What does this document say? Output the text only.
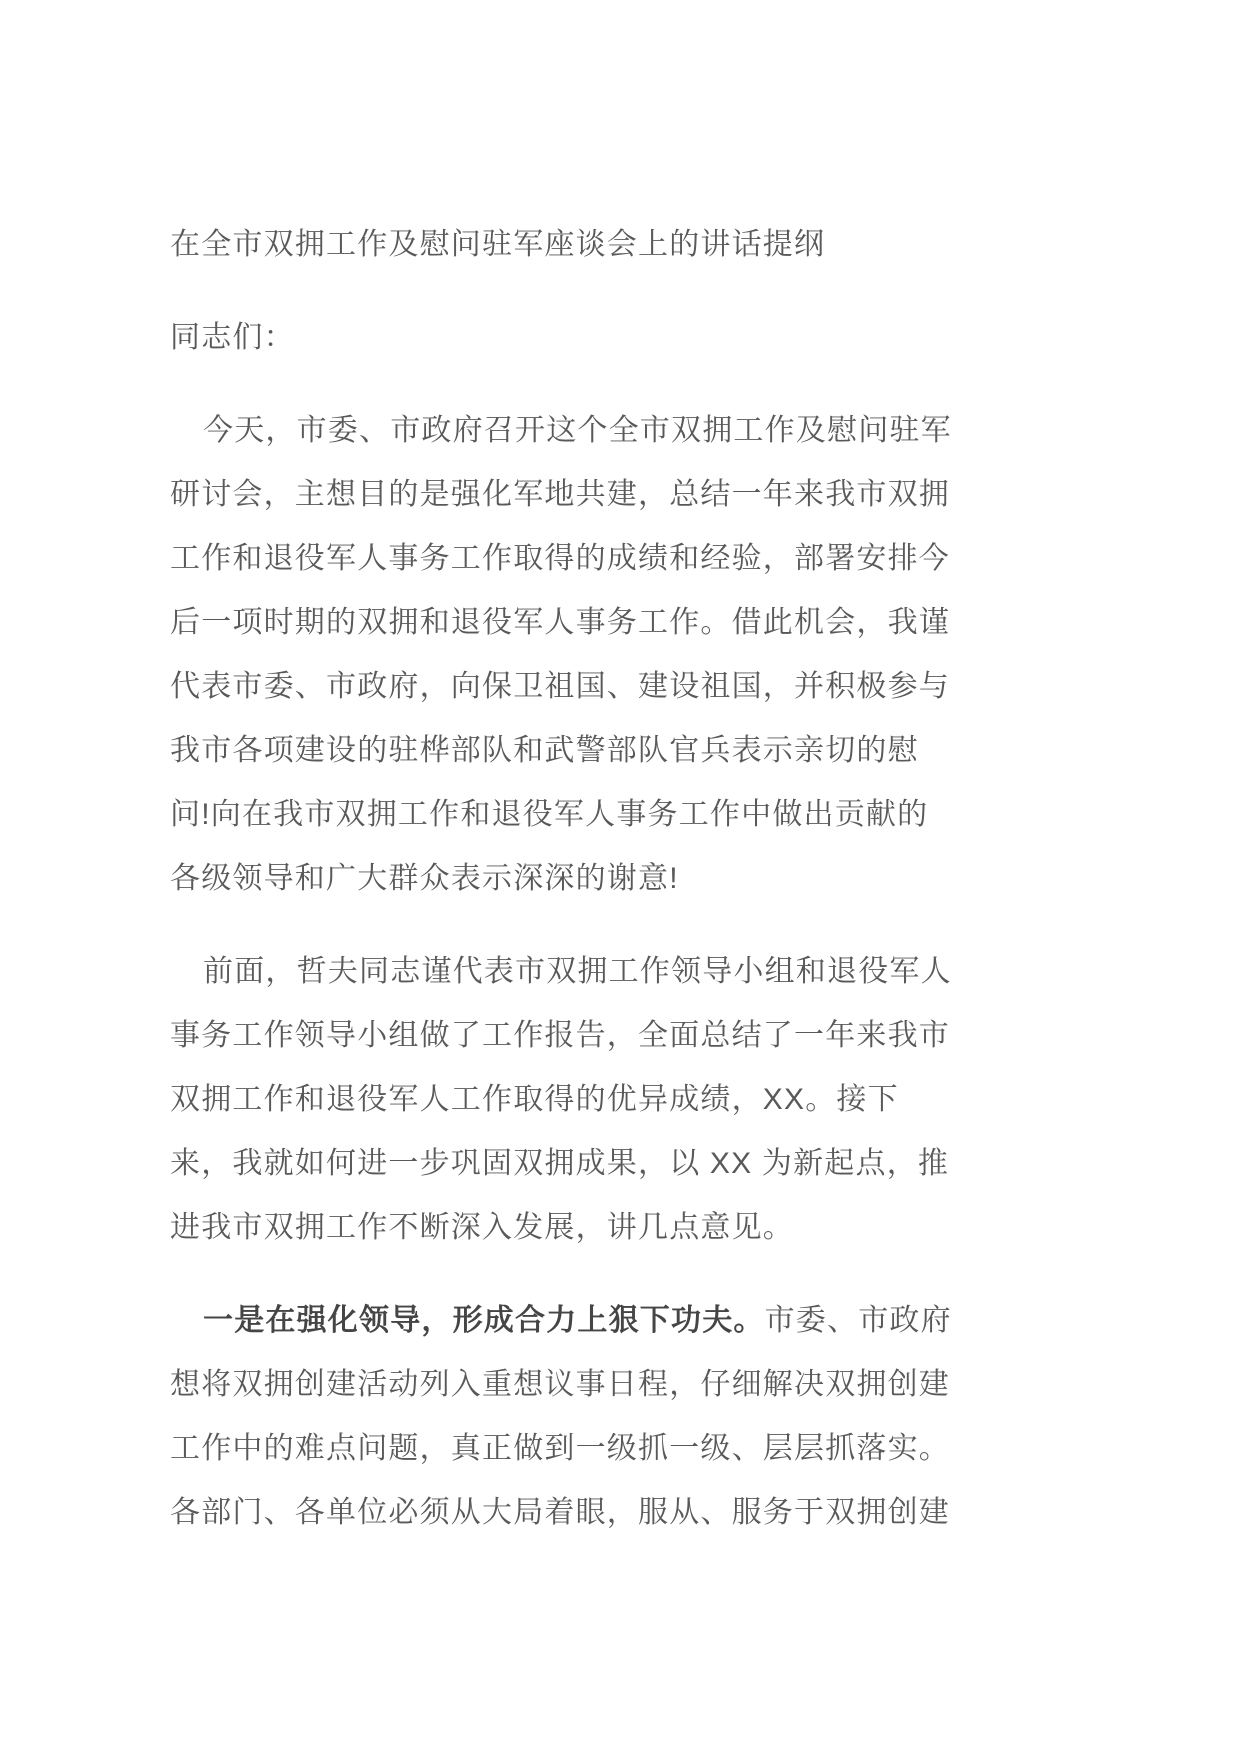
在全市双拥工作及慰问驻军座谈会上的讲话提纲

同志们：

今天，市委、市政府召开这个全市双拥工作及慰问驻军研讨会，主想目的是强化军地共建，总结一年来我市双拥工作和退役军人事务工作取得的成绩和经验，部署安排今后一项时期的双拥和退役军人事务工作。借此机会，我谨代表市委、市政府，向保卫祖国、建设祖国，并积极参与我市各项建设的驻桦部队和武警部队官兵表示亲切的慰问!向在我市双拥工作和退役军人事务工作中做出贡献的各级领导和广大群众表示深深的谢意!

前面，哲夫同志谨代表市双拥工作领导小组和退役军人事务工作领导小组做了工作报告，全面总结了一年来我市双拥工作和退役军人工作取得的优异成绩，XX。接下来，我就如何进一步巩固双拥成果，以 XX 为新起点，推进我市双拥工作不断深入发展，讲几点意见。

一是在强化领导，形成合力上狠下功夫。市委、市政府想将双拥创建活动列入重想议事日程，仔细解决双拥创建工作中的难点问题，真正做到一级抓一级、层层抓落实。各部门、各单位必须从大局着眼，服从、服务于双拥创建
